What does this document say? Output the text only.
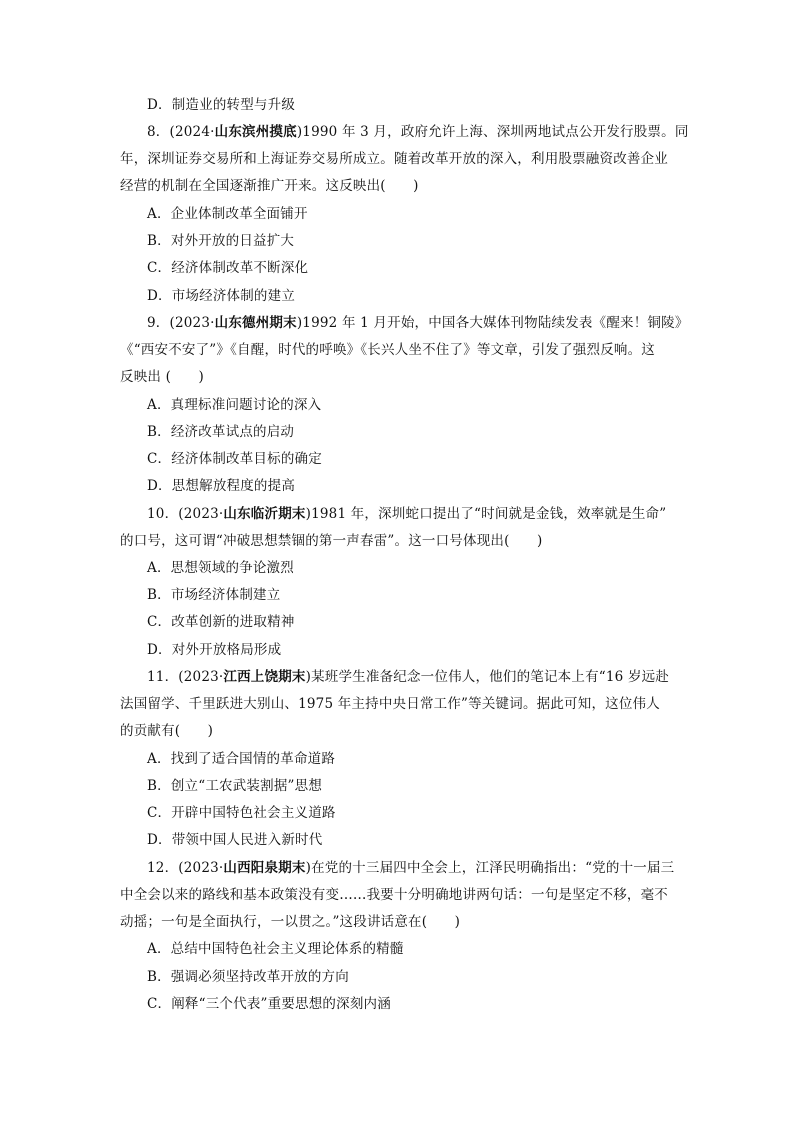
D．制造业的转型与升级
8．(2024·山东滨州摸底)1990 年 3 月，政府允许上海、深圳两地试点公开发行股票。同
年，深圳证券交易所和上海证券交易所成立。随着改革开放的深入，利用股票融资改善企业
经营的机制在全国逐渐推广开来。这反映出(　　)
A．企业体制改革全面铺开
B．对外开放的日益扩大
C．经济体制改革不断深化
D．市场经济体制的建立
9．(2023·山东德州期末)1992 年 1 月开始，中国各大媒体刊物陆续发表《醒来！铜陵》
《“西安不安了”》《自醒，时代的呼唤》《长兴人坐不住了》等文章，引发了强烈反响。这
反映出 (　　)
A．真理标准问题讨论的深入
B．经济改革试点的启动
C．经济体制改革目标的确定
D．思想解放程度的提高
10．(2023·山东临沂期末)1981 年，深圳蛇口提出了“时间就是金钱，效率就是生命”
的口号，这可谓“冲破思想禁锢的第一声春雷”。这一口号体现出(　　)
A．思想领域的争论激烈
B．市场经济体制建立
C．改革创新的进取精神
D．对外开放格局形成
11．(2023·江西上饶期末)某班学生准备纪念一位伟人，他们的笔记本上有“16 岁远赴
法国留学、千里跃进大别山、1975 年主持中央日常工作”等关键词。据此可知，这位伟人
的贡献有(　　)
A．找到了适合国情的革命道路
B．创立“工农武装割据”思想
C．开辟中国特色社会主义道路
D．带领中国人民进入新时代
12．(2023·山西阳泉期末)在党的十三届四中全会上，江泽民明确指出：“党的十一届三
中全会以来的路线和基本政策没有变……我要十分明确地讲两句话：一句是坚定不移，毫不
动摇；一句是全面执行，一以贯之。”这段讲话意在(　　)
A．总结中国特色社会主义理论体系的精髓
B．强调必须坚持改革开放的方向
C．阐释“三个代表”重要思想的深刻内涵
